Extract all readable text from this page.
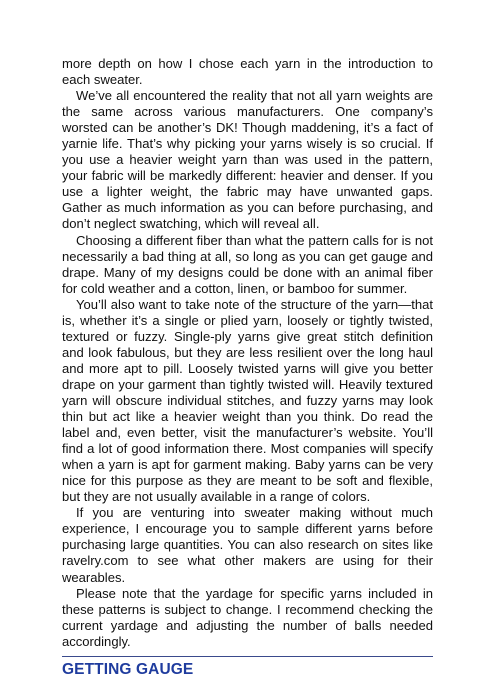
more depth on how I chose each yarn in the introduction to each sweater.

We’ve all encountered the reality that not all yarn weights are the same across various manufacturers. One company’s worsted can be another’s DK! Though maddening, it’s a fact of yarnie life. That’s why picking your yarns wisely is so crucial. If you use a heavier weight yarn than was used in the pattern, your fabric will be markedly different: heavier and denser. If you use a lighter weight, the fabric may have unwanted gaps. Gather as much information as you can before purchasing, and don’t neglect swatching, which will reveal all.

Choosing a different fiber than what the pattern calls for is not necessarily a bad thing at all, so long as you can get gauge and drape. Many of my designs could be done with an animal fiber for cold weather and a cotton, linen, or bamboo for summer.

You’ll also want to take note of the structure of the yarn—that is, whether it’s a single or plied yarn, loosely or tightly twisted, textured or fuzzy. Single-ply yarns give great stitch definition and look fabulous, but they are less resilient over the long haul and more apt to pill. Loosely twisted yarns will give you better drape on your garment than tightly twisted will. Heavily textured yarn will obscure individual stitches, and fuzzy yarns may look thin but act like a heavier weight than you think. Do read the label and, even better, visit the manufacturer’s website. You’ll find a lot of good information there. Most companies will specify when a yarn is apt for garment making. Baby yarns can be very nice for this purpose as they are meant to be soft and flexible, but they are not usually available in a range of colors.

If you are venturing into sweater making without much experience, I encourage you to sample different yarns before purchasing large quantities. You can also research on sites like ravelry.com to see what other makers are using for their wearables.

Please note that the yardage for specific yarns included in these patterns is subject to change. I recommend checking the current yardage and adjusting the number of balls needed accordingly.

GETTING GAUGE
